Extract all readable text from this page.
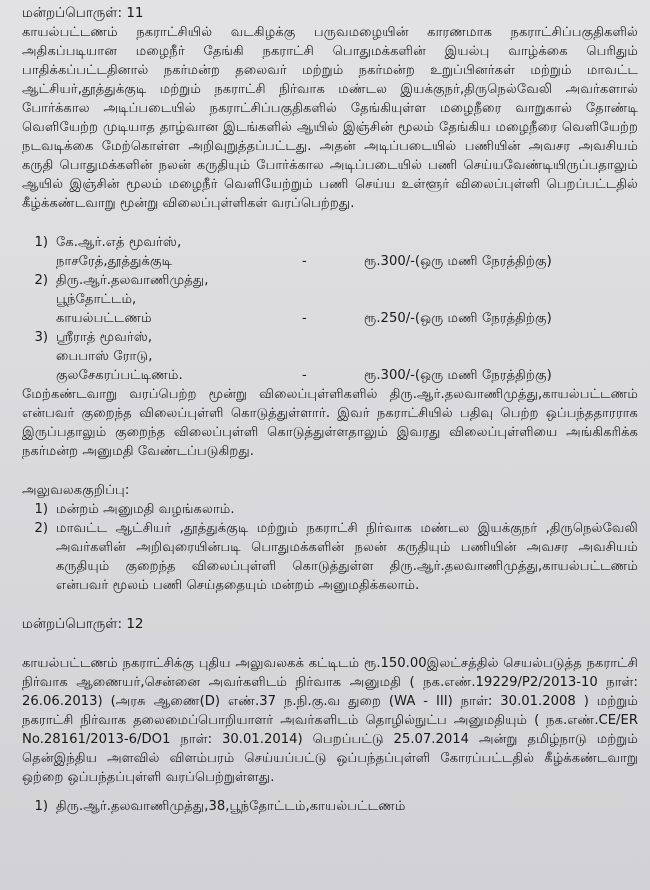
மன்றப்பொருள்: 11

காயல்பட்டணம் நகராட்சியில் வடகிழக்கு பருவமழையின் காரணமாக நகராட்சிப்பகுதிகளில் அதிகப்படியான மழைநீர் தேங்கி நகராட்சி பொதுமக்களின் இயல்பு வாழ்க்கை பெரிதும் பாதிக்கப்பட்டதினால் நகர்மன்ற தலைவர் மற்றும் நகர்மன்ற உறுப்பினர்கள் மற்றும் மாவட்ட ஆட்சியர்,தூத்துக்குடி மற்றும் நகராட்சி நிர்வாக மண்டல இயக்குநர்,திருநெல்வேலி அவர்களால் போர்க்கால அடிப்படையில் நகராட்சிப்பகுதிகளில் தேங்கியுள்ள மழைநீரை வாறுகால் தோண்டி வெளியேற்ற முடியாத தாழ்வான இடங்களில் ஆயில் இஞ்சின் மூலம் தேங்கிய மழைநீரை வெளியேற்ற நடவடிக்கை மேற்கொள்ள அறிவுறுத்தப்பட்டது. அதன் அடிப்படையில் பணியின் அவசர அவசியம் கருதி பொதுமக்களின் நலன் கருதியும் போர்க்கால அடிப்படையில் பணி செய்யவேண்டியிருப்பதாலும் ஆயில் இஞ்சின் மூலம் மழைநீர் வெளியேற்றும் பணி செய்ய உள்ளூர் விலைப்புள்ளி பெறப்பட்டதில் கீழ்க்கண்டவாறு மூன்று விலைப்புள்ளிகள் வரப்பெற்றது.

1) கே.ஆர்.எத் மூவர்ஸ்,
நாசரேத்,தூத்துக்குடி	-	ரூ.300/-(ஒரு மணி நேரத்திற்கு)
2) திரு.ஆர்.தலவாணிமுத்து,
பூந்தோட்டம்,
காயல்பட்டணம்	-	ரூ.250/-(ஒரு மணி நேரத்திற்கு)
3) ஸ்ரீராத் மூவர்ஸ்,
பைபாஸ் ரோடு,
குலசேகரப்பட்டிணம்.	-	ரூ.300/-(ஒரு மணி நேரத்திற்கு)

மேற்கண்டவாறு வரப்பெற்ற மூன்று விலைப்புள்ளிகளில் திரு.ஆர்.தலவாணிமுத்து,காயல்பட்டணம் என்பவர் குறைந்த விலைப்புள்ளி கொடுத்துள்ளார். இவர் நகராட்சியில் பதிவு பெற்ற ஒப்பந்ததாரராக இருப்பதாலும் குறைந்த விலைப்புள்ளி கொடுத்துள்ளதாலும் இவரது விலைப்புள்ளியை அங்கிகரிக்க நகர்மன்ற அனுமதி வேண்டப்படுகிறது.

அலுவலககுறிப்பு:

1) மன்றம் அனுமதி வழங்கலாம்.
2) மாவட்ட ஆட்சியர் ,தூத்துக்குடி மற்றும் நகராட்சி நிர்வாக மண்டல இயக்குநர் ,திருநெல்வேலி அவர்களின் அறிவுரையின்படி பொதுமக்களின் நலன் கருதியும் பணியின் அவசர அவசியம் கருதியும் குறைந்த விலைப்புள்ளி கொடுத்துள்ள திரு.ஆர்.தலவாணிமுத்து,காயல்பட்டணம் என்பவர் மூலம் பணி செய்ததையும் மன்றம் அனுமதிக்கலாம்.

மன்றப்பொருள்: 12

காயல்பட்டணம் நகராட்சிக்கு புதிய அலுவலகக் கட்டிடம் ரூ.150.00இலட்சத்தில் செயல்படுத்த நகராட்சி நிர்வாக ஆணையர்,சென்னை அவர்களிடம் நிர்வாக அனுமதி ( நக.எண்.19229/P2/2013-10 நாள்: 26.06.2013) (அரசு ஆணை(D) எண்.37 ந.நி.கு.வ துறை (WA - III) நாள்: 30.01.2008 ) மற்றும் நகராட்சி நிர்வாக தலைமைப்பொறியாளர் அவர்களிடம் தொழில்நுட்ப அனுமதியும் ( நக.எண்.CE/ER No.28161/2013-6/DO1 நாள்: 30.01.2014) பெறப்பட்டு 25.07.2014 அன்று தமிழ்நாடு மற்றும் தென்இந்திய அளவில் விளம்பரம் செய்யப்பட்டு ஒப்பந்தப்புள்ளி கோரப்பட்டதில் கீழ்க்கண்டவாறு ஒற்றை ஒப்பந்தப்புள்ளி வரப்பெற்றுள்ளது.

1) திரு.ஆர்.தலவாணிமுத்து,38,பூந்தோட்டம்,காயல்பட்டணம்
